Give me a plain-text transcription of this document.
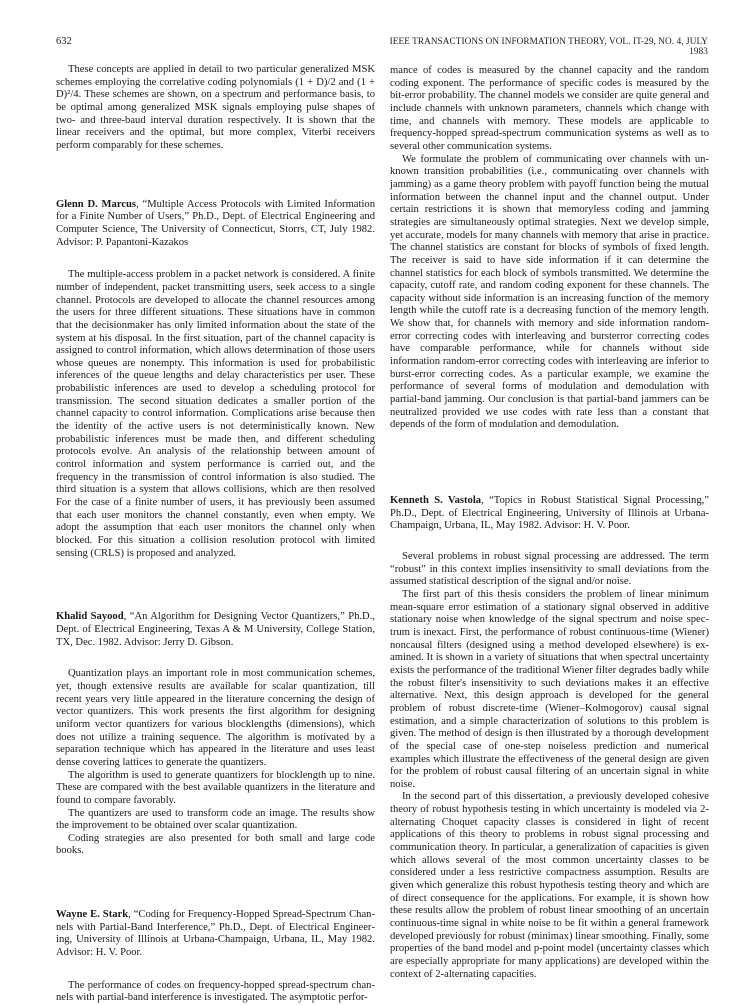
632	IEEE TRANSACTIONS ON INFORMATION THEORY, VOL. IT-29, NO. 4, JULY 1983

These concepts are applied in detail to two particular generalized MSK schemes employing the correlative coding polynomials (1 + D)/2 and (1 + D)²/4. These schemes are shown, on a spectrum and performance basis, to be optimal among generalized MSK signals employing pulse shapes of two- and three-baud interval duration respectively. It is shown that the linear receivers and the optimal, but more complex, Viterbi receivers perform comparably for these schemes.

Glenn D. Marcus, “Multiple Access Protocols with Limited Information for a Finite Number of Users,” Ph.D., Dept. of Electrical Engineering and Computer Science, The University of Connecticut, Storrs, CT, July 1982. Advisor: P. Papantoni-Kazakos

The multiple-access problem in a packet network is considered. A finite number of independent, packet transmitting users, seek access to a single channel. Protocols are developed to allocate the channel resources among the users for three different situations. These situations have in common that the decisionmaker has only limited information about the state of the system at his disposal. In the first situation, part of the channel capacity is assigned to control information, which allows determination of those users whose queues are nonempty. This information is used for probabilistic inferences of the queue lengths and delay characteristics per user. These probabilistic inferences are used to develop a scheduling protocol for transmission. The second situation dedicates a smaller portion of the channel capacity to control information. Complications arise because then the identity of the active users is not deterministically known. New probabilistic inferences must be made then, and different scheduling protocols evolve. An analysis of the relationship between amount of control information and system performance is carried out, and the frequency in the transmission of control information is also studied. The third situation is a system that allows collisions, which are then resolved For the case of a finite number of users, it has previously been assumed that each user monitors the channel constantly, even when empty. We adopt the assumption that each user monitors the channel only when blocked. For this situation a collision resolution protocol with limited sensing (CRLS) is proposed and analyzed.

Khalid Sayood, “An Algorithm for Designing Vector Quantizers,” Ph.D., Dept. of Electrical Engineering, Texas A & M University, College Station, TX, Dec. 1982. Advisor: Jerry D. Gibson.

Quantization plays an important role in most communication schemes, yet, though extensive results are available for scalar quantization, till recent years very little appeared in the literature concerning the design of vector quantizers. This work presents the first algorithm for designing uniform vector quantizers for various blocklengths (dimensions), which does not utilize a training sequence. The algorithm is motivated by a separation technique which has appeared in the literature and uses least dense covering lattices to generate the quantizers.

The algorithm is used to generate quantizers for blocklength up to nine. These are compared with the best available quantizers in the literature and found to compare favorably.

The quantizers are used to transform code an image. The results show the improvement to be obtained over scalar quantization.

Coding strategies are also presented for both small and large code books.

Wayne E. Stark, “Coding for Frequency-Hopped Spread-Spectrum Channels with Partial-Band Interference,” Ph.D., Dept. of Electrical Engineering, University of Illinois at Urbana-Champaign, Urbana, IL, May 1982. Advisor: H. V. Poor.

The performance of codes on frequency-hopped spread-spectrum channels with partial-band interference is investigated. The asymptotic perfor-

mance of codes is measured by the channel capacity and the random coding exponent. The performance of specific codes is measured by the bit-error probability. The channel models we consider are quite general and include channels with unknown parameters, channels which change with time, and channels with memory. These models are applicable to frequency-hopped spread-spectrum communication systems as well as to several other communication systems.

We formulate the problem of communicating over channels with unknown transition probabilities (i.e., communicating over channels with jamming) as a game theory problem with payoff function being the mutual information between the channel input and the channel output. Under certain restrictions it is shown that memoryless coding and jamming strategies are simultaneously optimal strategies. Next we develop simple, yet accurate, models for many channels with memory that arise in practice. The channel statistics are constant for blocks of symbols of fixed length. The receiver is said to have side information if it can determine the channel statistics for each block of symbols transmitted. We determine the capacity, cutoff rate, and random coding exponent for these channels. The capacity without side information is an increasing function of the memory length while the cutoff rate is a decreasing function of the memory length. We show that, for channels with memory and side information random-error correcting codes with interleaving and bursterror correcting codes have comparable performance, while for channels without side information random-error correcting codes with interleaving are inferior to burst-error correcting codes. As a particular example, we examine the performance of several forms of modulation and demodulation with partial-band jamming. Our conclusion is that partial-band jammers can be neutralized provided we use codes with rate less than a constant that depends of the form of modulation and demodulation.

Kenneth S. Vastola, “Topics in Robust Statistical Signal Processing,” Ph.D., Dept. of Electrical Engineering, University of Illinois at Urbana-Champaign, Urbana, IL, May 1982. Advisor: H. V. Poor.

Several problems in robust signal processing are addressed. The term “robust” in this context implies insensitivity to small deviations from the assumed statistical description of the signal and/or noise.

The first part of this thesis considers the problem of linear minimum mean-square error estimation of a stationary signal observed in additive stationary noise when knowledge of the signal spectrum and noise spectrum is inexact. First, the performance of robust continuous-time (Wiener) noncausal filters (designed using a method developed elsewhere) is examined. It is shown in a variety of situations that when spectral uncertainty exists the performance of the traditional Wiener filter degrades badly while the robust filter's insensitivity to such deviations makes it an effective alternative. Next, this design approach is developed for the general problem of robust discrete-time (Wiener–Kolmogorov) causal signal estimation, and a simple characterization of solutions to this problem is given. The method of design is then illustrated by a thorough development of the special case of one-step noiseless prediction and numerical examples which illustrate the effectiveness of the general design are given for the problem of robust causal filtering of an uncertain signal in white noise.

In the second part of this dissertation, a previously developed cohesive theory of robust hypothesis testing in which uncertainty is modeled via 2-alternating Choquet capacity classes is considered in light of recent applications of this theory to problems in robust signal processing and communication theory. In particular, a generalization of capacities is given which allows several of the most common uncertainty classes to be considered under a less restrictive compactness assumption. Results are given which generalize this robust hypothesis testing theory and which are of direct consequence for the applications. For example, it is shown how these results allow the problem of robust linear smoothing of an uncertain continuous-time signal in white noise to be fit within a general framework developed previously for robust (minimax) linear smoothing. Finally, some properties of the band model and p-point model (uncertainty classes which are especially appropriate for many applications) are developed within the context of 2-alternating capacities.
